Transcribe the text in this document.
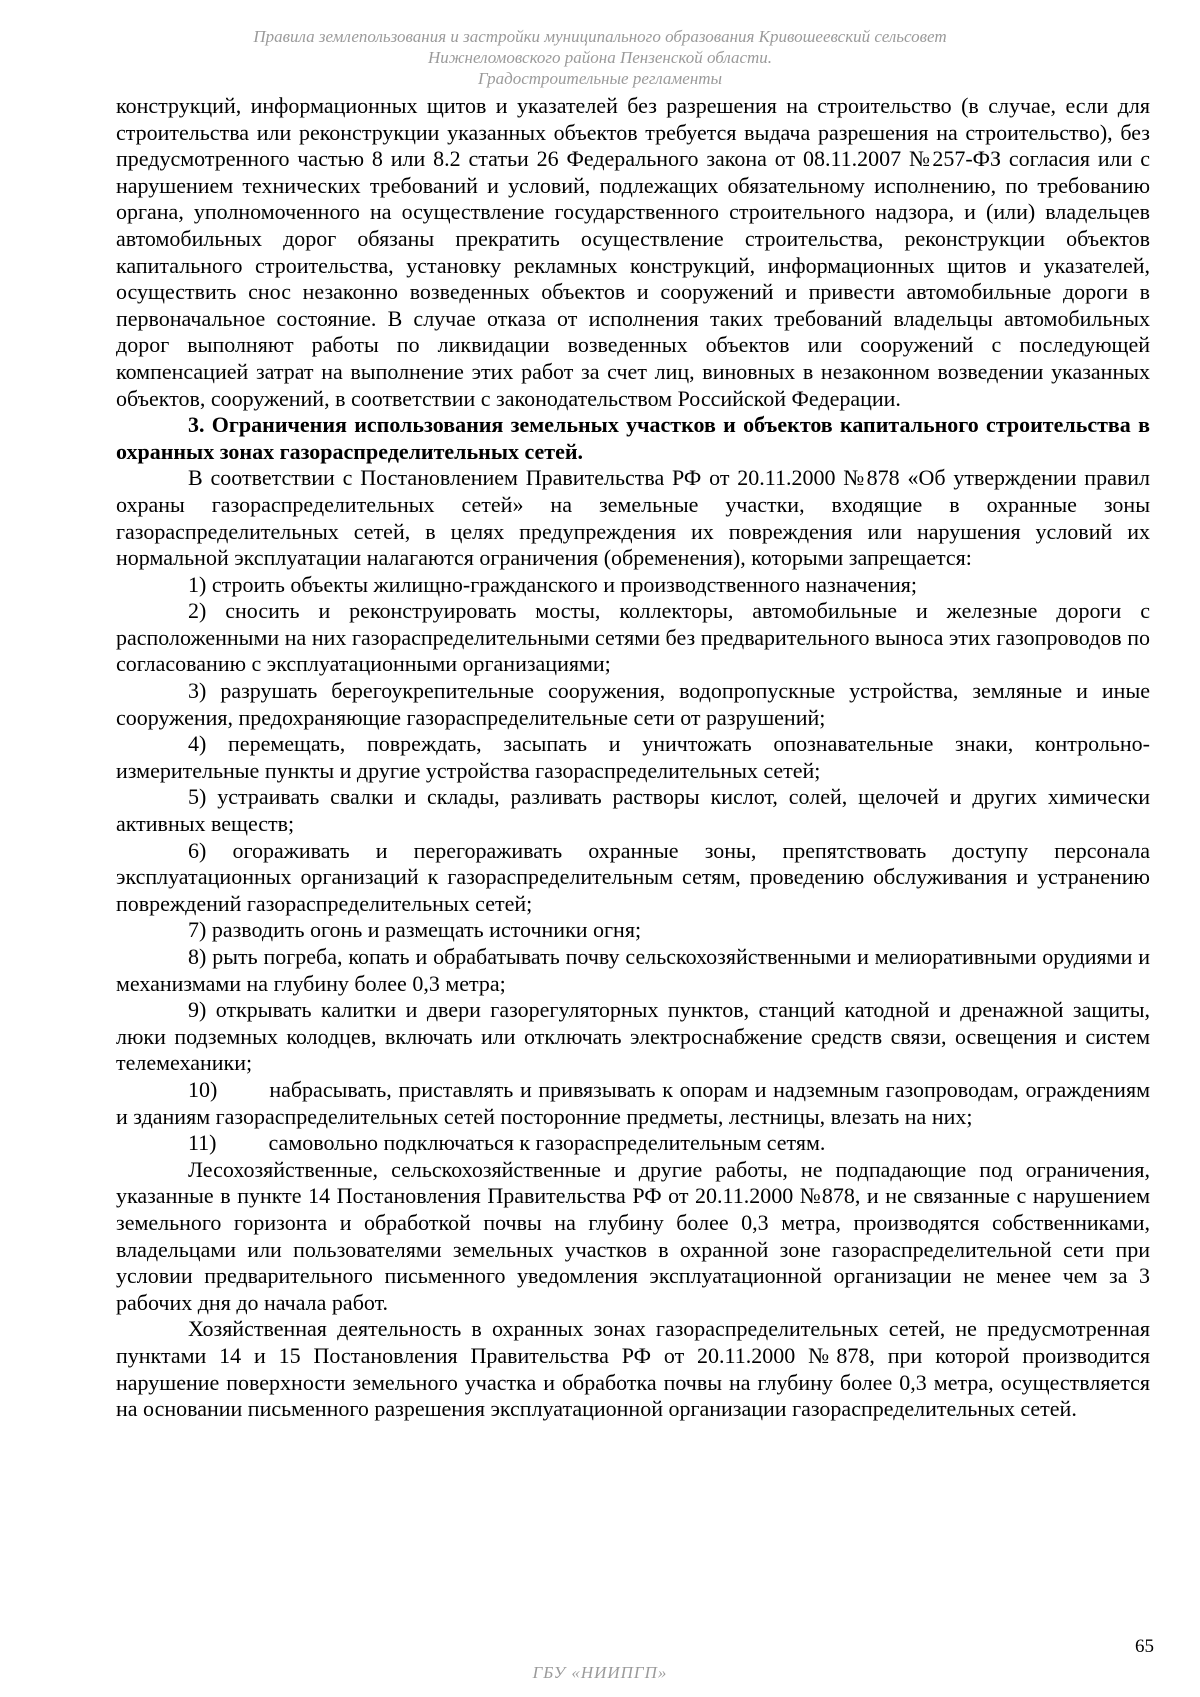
Правила землепользования и застройки муниципального образования Кривошеевский сельсовет
Нижнеломовского района Пензенской области.
Градостроительные регламенты

конструкций, информационных щитов и указателей без разрешения на строительство (в случае, если для строительства или реконструкции указанных объектов требуется выдача разрешения на строительство), без предусмотренного частью 8 или 8.2 статьи 26 Федерального закона от 08.11.2007 №257-ФЗ согласия или с нарушением технических требований и условий, подлежащих обязательному исполнению, по требованию органа, уполномоченного на осуществление государственного строительного надзора, и (или) владельцев автомобильных дорог обязаны прекратить осуществление строительства, реконструкции объектов капитального строительства, установку рекламных конструкций, информационных щитов и указателей, осуществить снос незаконно возведенных объектов и сооружений и привести автомобильные дороги в первоначальное состояние. В случае отказа от исполнения таких требований владельцы автомобильных дорог выполняют работы по ликвидации возведенных объектов или сооружений с последующей компенсацией затрат на выполнение этих работ за счет лиц, виновных в незаконном возведении указанных объектов, сооружений, в соответствии с законодательством Российской Федерации.

3. Ограничения использования земельных участков и объектов капитального строительства в охранных зонах газораспределительных сетей.

В соответствии с Постановлением Правительства РФ от 20.11.2000 №878 «Об утверждении правил охраны газораспределительных сетей» на земельные участки, входящие в охранные зоны газораспределительных сетей, в целях предупреждения их повреждения или нарушения условий их нормальной эксплуатации налагаются ограничения (обременения), которыми запрещается:

1) строить объекты жилищно-гражданского и производственного назначения;

2) сносить и реконструировать мосты, коллекторы, автомобильные и железные дороги с расположенными на них газораспределительными сетями без предварительного выноса этих газопроводов по согласованию с эксплуатационными организациями;

3) разрушать берегоукрепительные сооружения, водопропускные устройства, земляные и иные сооружения, предохраняющие газораспределительные сети от разрушений;

4) перемещать, повреждать, засыпать и уничтожать опознавательные знаки, контрольно-измерительные пункты и другие устройства газораспределительных сетей;

5) устраивать свалки и склады, разливать растворы кислот, солей, щелочей и других химически активных веществ;

6) огораживать и перегораживать охранные зоны, препятствовать доступу персонала эксплуатационных организаций к газораспределительным сетям, проведению обслуживания и устранению повреждений газораспределительных сетей;

7) разводить огонь и размещать источники огня;

8) рыть погреба, копать и обрабатывать почву сельскохозяйственными и мелиоративными орудиями и механизмами на глубину более 0,3 метра;

9) открывать калитки и двери газорегуляторных пунктов, станций катодной и дренажной защиты, люки подземных колодцев, включать или отключать электроснабжение средств связи, освещения и систем телемеханики;

10) набрасывать, приставлять и привязывать к опорам и надземным газопроводам, ограждениям и зданиям газораспределительных сетей посторонние предметы, лестницы, влезать на них;

11) самовольно подключаться к газораспределительным сетям.

Лесохозяйственные, сельскохозяйственные и другие работы, не подпадающие под ограничения, указанные в пункте 14 Постановления Правительства РФ от 20.11.2000 №878, и не связанные с нарушением земельного горизонта и обработкой почвы на глубину более 0,3 метра, производятся собственниками, владельцами или пользователями земельных участков в охранной зоне газораспределительной сети при условии предварительного письменного уведомления эксплуатационной организации не менее чем за 3 рабочих дня до начала работ.

Хозяйственная деятельность в охранных зонах газораспределительных сетей, не предусмотренная пунктами 14 и 15 Постановления Правительства РФ от 20.11.2000 №878, при которой производится нарушение поверхности земельного участка и обработка почвы на глубину более 0,3 метра, осуществляется на основании письменного разрешения эксплуатационной организации газораспределительных сетей.

65
ГБУ «НИИПГП»
